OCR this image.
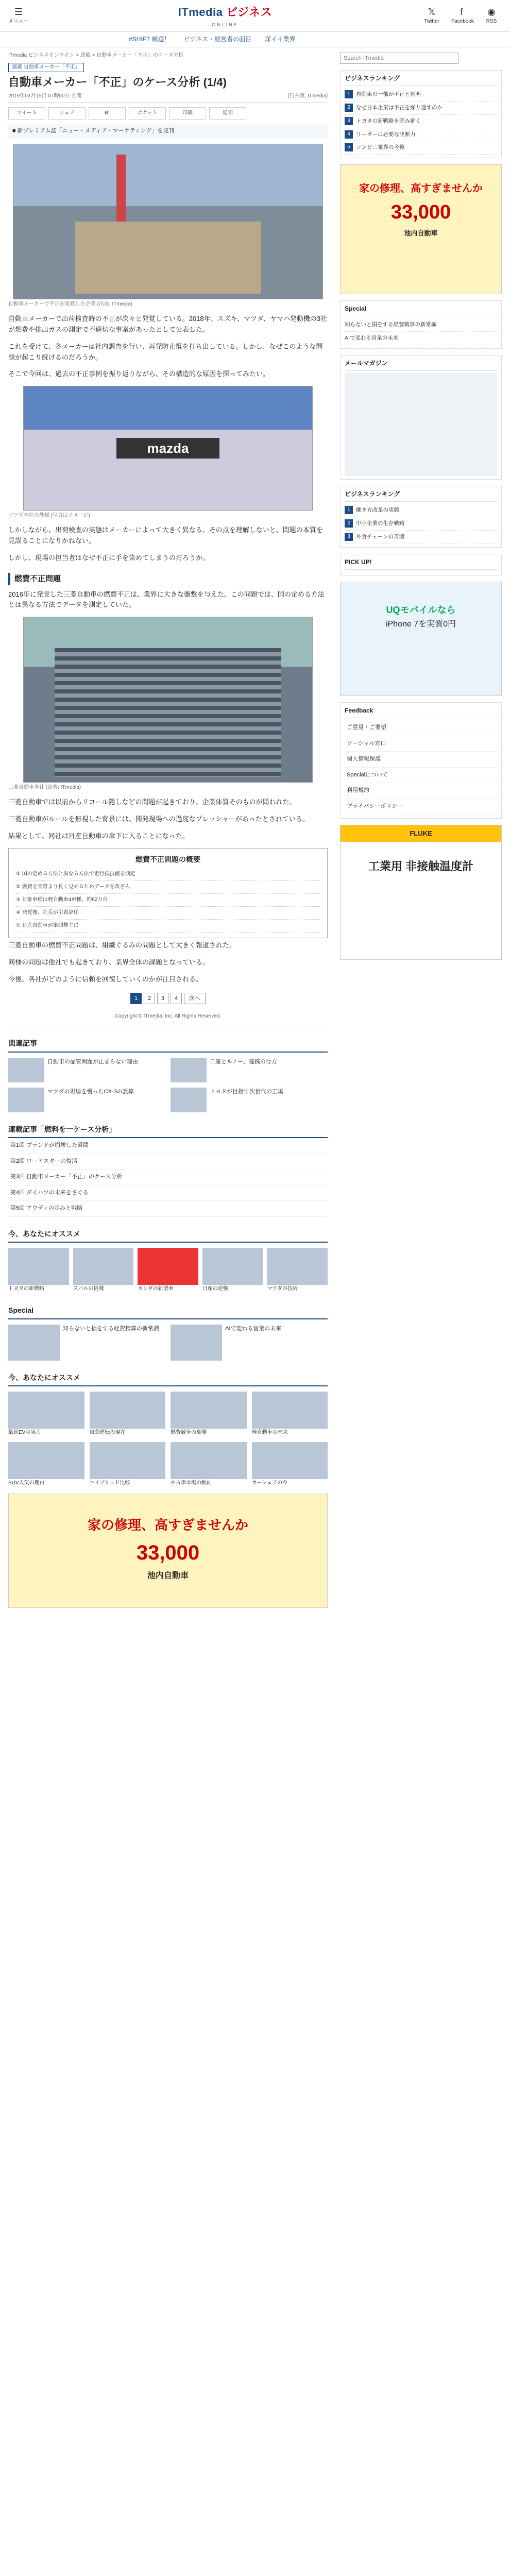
☰
メニュー
ITmedia ビジネス
ONLINE
𝕏
Twitter
f
Facebook
◉
RSS
#SHIFT 厳選！ ビジネス・経営者の面目 深イイ業界
ITmedia ビジネスオンライン > 連載 > 自動車メーカー「不正」のケース分析
連載 自動車メーカー「不正」
自動車メーカー「不正」のケース分析 (1/4)
2019年03月15日 07時00分 公開	[石井蕗, ITmedia]
ツイート	シェア	B!	ポケット	印刷	通知
■ 新プレミアム誌「ニュー・メディア・マーケティング」を発刊
自動車メーカーで不正が発覚した企業 (出典: ITmedia)

自動車メーカーで出荷検査時の不正が次々と発覚している。2018年、スズキ、マツダ、ヤマハ発動機の3社が燃費や排出ガスの測定で不適切な事案があったとして公表した。

これを受けて、各メーカーは社内調査を行い、再発防止策を打ち出している。しかし、なぜこのような問題が起こり続けるのだろうか。

そこで今回は、過去の不正事例を振り返りながら、その構造的な原因を探ってみたい。

mazda
マツダ本社の外観 (写真はイメージ)

しかしながら、出荷検査の実態はメーカーによって大きく異なる。その点を理解しないと、問題の本質を見誤ることになりかねない。

しかし、現場の担当者はなぜ不正に手を染めてしまうのだろうか。

燃費不正問題

2016年に発覚した三菱自動車の燃費不正は、業界に大きな衝撃を与えた。この問題では、国の定める方法とは異なる方法でデータを測定していた。

三菱自動車本社 (出典: ITmedia)

三菱自動車では以前からリコール隠しなどの問題が起きており、企業体質そのものが問われた。

三菱自動車がルールを無視した背景には、開発現場への過度なプレッシャーがあったとされている。

結果として、同社は日産自動車の傘下に入ることになった。

燃費不正問題の概要
① 国の定める方法と異なる方法で走行抵抗値を測定
② 燃費を実際より良く見せるためデータを改ざん
③ 対象車種は軽自動車4車種、約62万台
④ 発覚後、社長が引責辞任
⑤ 日産自動車が筆頭株主に

三菱自動車の燃費不正問題は、組織ぐるみの問題として大きく報道された。

同様の問題は他社でも起きており、業界全体の課題となっている。

今後、各社がどのように信頼を回復していくのかが注目される。

1	2	3	4	次へ
Copyright © ITmedia, Inc. All Rights Reserved.
関連記事
自動車の品質問題が止まらない理由	日産とルノー、連携の行方
マツダの現場を襲ったCX-3の誤算	トヨタが目指す次世代の工場
連載記事「燃料を一ケース分析」
第1回 ブランドが崩壊した瞬間
第2回 ロードスターの復活
第3回 自動車メーカー「不正」のケース分析
第4回 ダイハツの未来をさぐる
第5回 アウディの歩みと戦略
今、あなたにオススメ
トヨタの新戦略	スバルの挑戦	ホンダの新型車	日産の逆襲	マツダの技術
Special
知らないと損をする経費精算の新常識	AIで変わる営業の未来
今、あなたにオススメ
最新EVの実力	自動運転の現在	燃費競争の裏側	軽自動車の未来
SUV人気の理由	ハイブリッド比較	中古車市場の動向	カーシェアの今
家の修理、高すぎませんか
33,000
池内自動車
Search ITmedia
ビジネスランキング
1	自動車の一部が不正と判明
2	なぜ日本企業は不正を繰り返すのか
3	トヨタの新戦略を読み解く
4	リーダーに必要な決断力
5	コンビニ業界の今後
家の修理、高すぎませんか
33,000
池内自動車
Special
知らないと損をする経費精算の新常識
AIで変わる営業の未来
メールマガジン
ビジネスランキング
1	働き方改革の実態
2	中小企業の生存戦略
3	外食チェーンの苦境
PICK UP!
UQモバイルなら
iPhone 7を実質0円
Feedback
ご意見・ご要望
ソーシャル窓口
個人情報保護
Specialについて
利用規約
プライバシーポリシー
FLUKE
工業用 非接触温度計
